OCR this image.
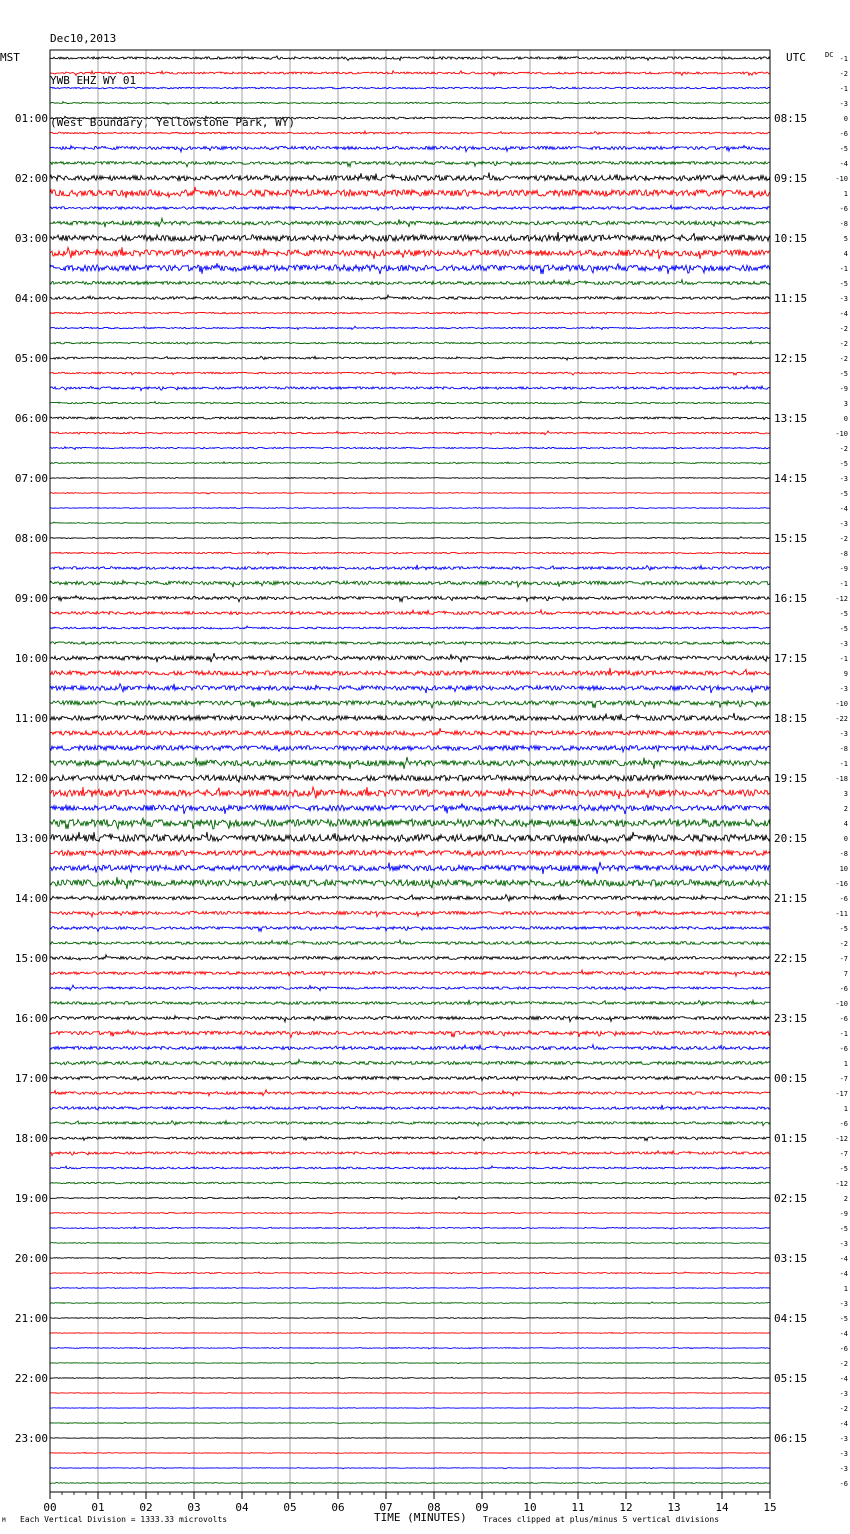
Dec10,2013

YWB EHZ WY 01

(West Boundary, Yellowstone Park, WY)

M Each Vertical Division = 1333.33 microvolts	TIME (MINUTES) Traces clipped at plus/minus 5 vertical divisions
00	01	02	03	04	05	06	07	08	09	10	11	12	13	14	15
MST	UTC	DC
01:00
02:00
03:00
04:00
05:00
06:00
07:00
08:00
09:00
10:00
11:00
12:00
13:00
14:00
15:00
16:00
17:00
18:00
19:00
20:00
21:00
22:00
23:00
08:15
09:15
10:15
11:15
12:15
13:15
14:15
15:15
16:15
17:15
18:15
19:15
20:15
21:15
22:15
23:15
00:15
01:15
02:15
03:15
04:15
05:15
06:15
-1
-2
-1
-3
0
-6
-5
-4
-10
1
-6
-8
5
4
-1
-5
-3
-4
-2
-2
-2
-5
-9
3
0
-10
-2
-5
-3
-5
-4
-3
-2
-8
-9
-1
-12
-5
-5
-3
-1
9
-3
-10
-22
-3
-8
-1
-18
3
2
4
0
-8
10
-16
-6
-11
-5
-2
-7
7
-6
-10
-6
-1
-6
1
-7
-17
1
-6
-12
-7
-5
-12
2
-9
-5
-3
-4
-4
1
-3
-5
-4
-6
-2
-4
-3
-2
-4
-3
-3
-3
-6
